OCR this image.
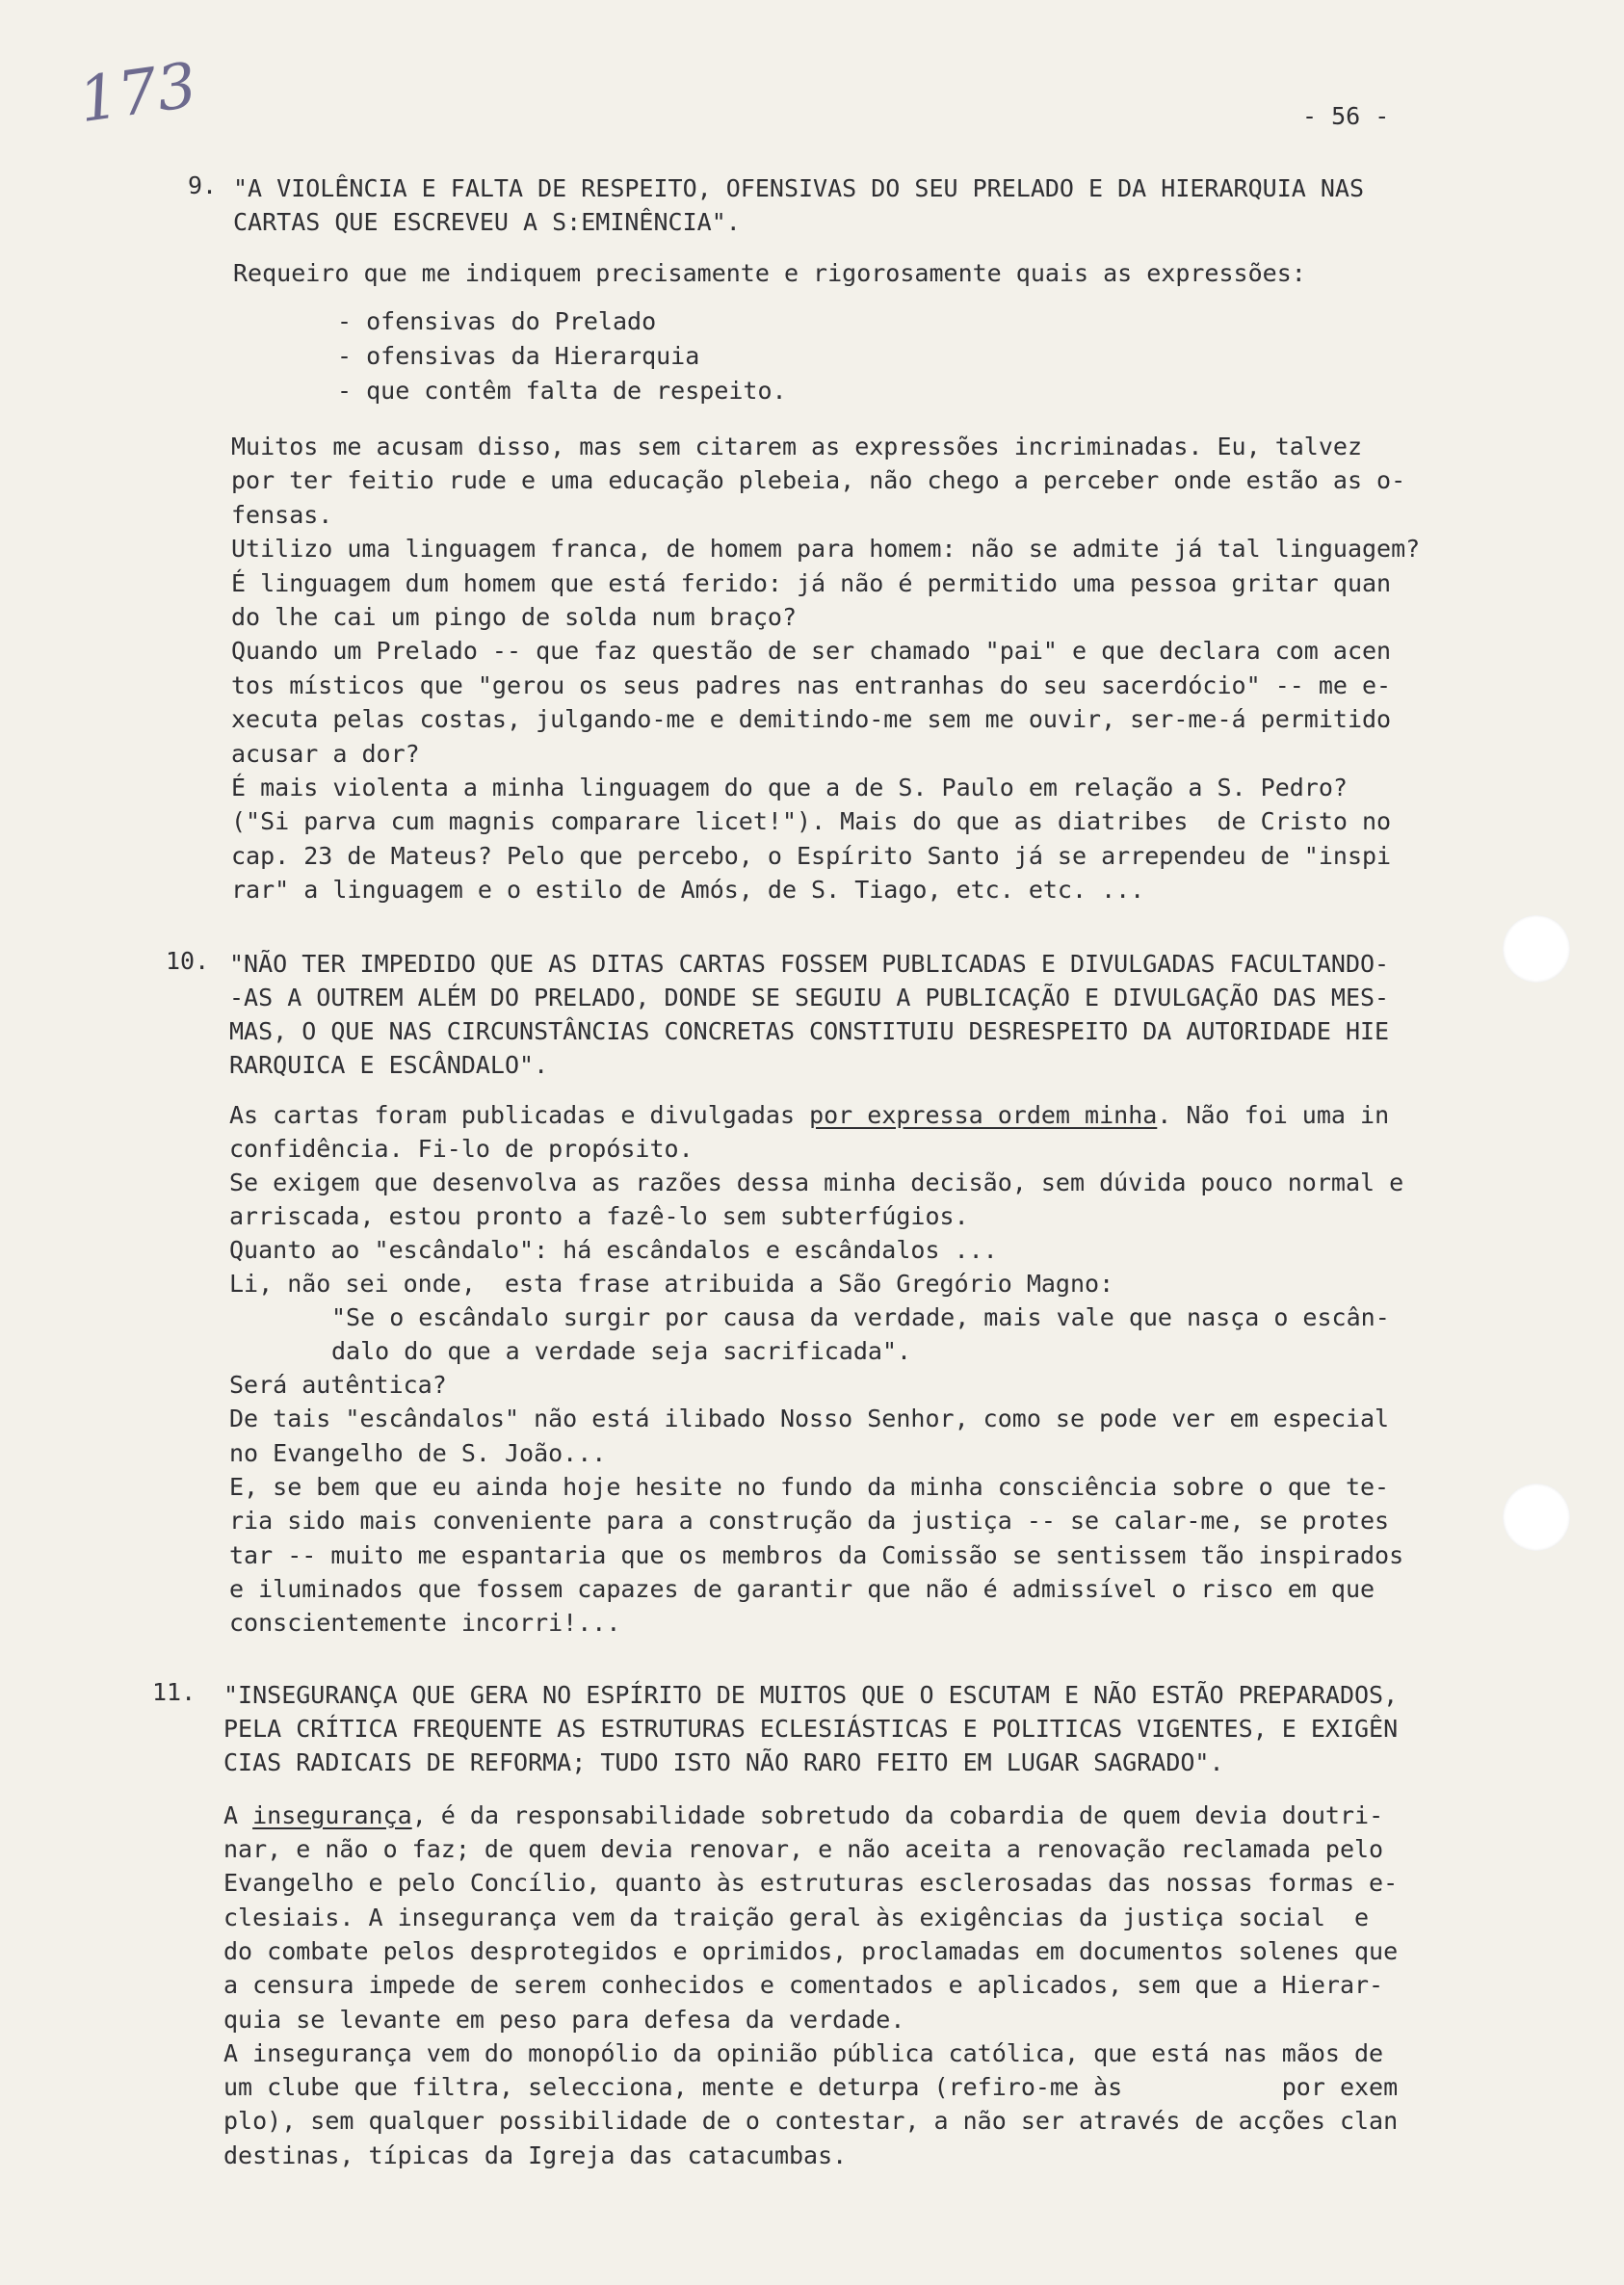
173	- 56 -
9. "A VIOLÊNCIA E FALTA DE RESPEITO, OFENSIVAS DO SEU PRELADO E DA HIERARQUIA NAS
CARTAS QUE ESCREVEU A S:EMINÊNCIA".
Requeiro que me indiquem precisamente e rigorosamente quais as expressões:
- ofensivas do Prelado
- ofensivas da Hierarquia
- que contêm falta de respeito.
Muitos me acusam disso, mas sem citarem as expressões incriminadas. Eu, talvez
por ter feitio rude e uma educação plebeia, não chego a perceber onde estão as o-
fensas.
Utilizo uma linguagem franca, de homem para homem: não se admite já tal linguagem?
É linguagem dum homem que está ferido: já não é permitido uma pessoa gritar quan
do lhe cai um pingo de solda num braço?
Quando um Prelado -- que faz questão de ser chamado "pai" e que declara com acen
tos místicos que "gerou os seus padres nas entranhas do seu sacerdócio" -- me e-
xecuta pelas costas, julgando-me e demitindo-me sem me ouvir, ser-me-á permitido
acusar a dor?
É mais violenta a minha linguagem do que a de S. Paulo em relação a S. Pedro?
("Si parva cum magnis comparare licet!"). Mais do que as diatribes  de Cristo no
cap. 23 de Mateus? Pelo que percebo, o Espírito Santo já se arrependeu de "inspi
rar" a linguagem e o estilo de Amós, de S. Tiago, etc. etc. ...
10. "NÃO TER IMPEDIDO QUE AS DITAS CARTAS FOSSEM PUBLICADAS E DIVULGADAS FACULTANDO-
-AS A OUTREM ALÉM DO PRELADO, DONDE SE SEGUIU A PUBLICAÇÃO E DIVULGAÇÃO DAS MES-
MAS, O QUE NAS CIRCUNSTÂNCIAS CONCRETAS CONSTITUIU DESRESPEITO DA AUTORIDADE HIE
RARQUICA E ESCÂNDALO".
As cartas foram publicadas e divulgadas por expressa ordem minha. Não foi uma in
confidência. Fi-lo de propósito.
Se exigem que desenvolva as razões dessa minha decisão, sem dúvida pouco normal e
arriscada, estou pronto a fazê-lo sem subterfúgios.
Quanto ao "escândalo": há escândalos e escândalos ...
Li, não sei onde,  esta frase atribuida a São Gregório Magno:
"Se o escândalo surgir por causa da verdade, mais vale que nasça o escân-
dalo do que a verdade seja sacrificada".
Será autêntica?
De tais "escândalos" não está ilibado Nosso Senhor, como se pode ver em especial
no Evangelho de S. João...
E, se bem que eu ainda hoje hesite no fundo da minha consciência sobre o que te-
ria sido mais conveniente para a construção da justiça -- se calar-me, se protes
tar -- muito me espantaria que os membros da Comissão se sentissem tão inspirados
e iluminados que fossem capazes de garantir que não é admissível o risco em que
conscientemente incorri!...
11. "INSEGURANÇA QUE GERA NO ESPÍRITO DE MUITOS QUE O ESCUTAM E NÃO ESTÃO PREPARADOS,
PELA CRÍTICA FREQUENTE AS ESTRUTURAS ECLESIÁSTICAS E POLITICAS VIGENTES, E EXIGÊN
CIAS RADICAIS DE REFORMA; TUDO ISTO NÃO RARO FEITO EM LUGAR SAGRADO".
A insegurança, é da responsabilidade sobretudo da cobardia de quem devia doutri-
nar, e não o faz; de quem devia renovar, e não aceita a renovação reclamada pelo
Evangelho e pelo Concílio, quanto às estruturas esclerosadas das nossas formas e-
clesiais. A insegurança vem da traição geral às exigências da justiça social  e
do combate pelos desprotegidos e oprimidos, proclamadas em documentos solenes que
a censura impede de serem conhecidos e comentados e aplicados, sem que a Hierar-
quia se levante em peso para defesa da verdade.
A insegurança vem do monopólio da opinião pública católica, que está nas mãos de
um clube que filtra, selecciona, mente e deturpa (refiro-me às           por exem
plo), sem qualquer possibilidade de o contestar, a não ser através de acções clan
destinas, típicas da Igreja das catacumbas.
